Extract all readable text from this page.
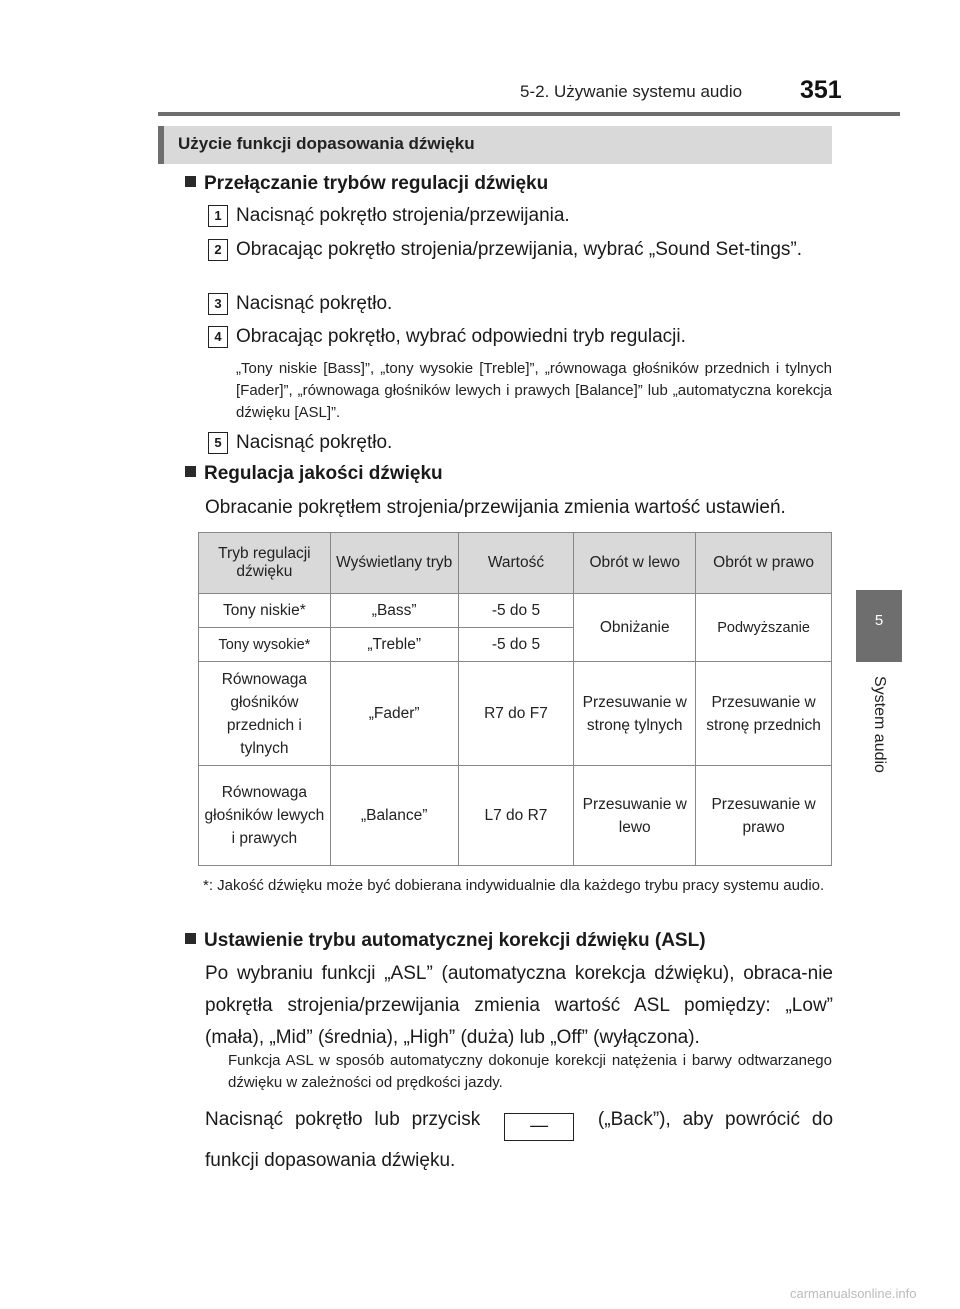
5-2. Używanie systemu audio 351
5
System audio
Użycie funkcji dopasowania dźwięku
Przełączanie trybów regulacji dźwięku
1 Nacisnąć pokrętło strojenia/przewijania.
2 Obracając pokrętło strojenia/przewijania, wybrać „Sound Set-tings”.
3 Nacisnąć pokrętło.
4 Obracając pokrętło, wybrać odpowiedni tryb regulacji.
„Tony niskie [Bass]”, „tony wysokie [Treble]”, „równowaga głośników przednich i tylnych [Fader]”, „równowaga głośników lewych i prawych [Balance]” lub „automatyczna korekcja dźwięku [ASL]”.
5 Nacisnąć pokrętło.
Regulacja jakości dźwięku
Obracanie pokrętłem strojenia/przewijania zmienia wartość ustawień.
Tryb regulacji dźwięku	Wyświetlany tryb	Wartość	Obrót w lewo	Obrót w prawo
Tony niskie*	„Bass”	-5 do 5	Obniżanie	Podwyższanie
Tony wysokie*	„Treble”	-5 do 5		
Równowaga głośników przednich i tylnych	„Fader”	R7 do F7	Przesuwanie w stronę tylnych	Przesuwanie w stronę przednich
Równowaga głośników lewych i prawych	„Balance”	L7 do R7	Przesuwanie w lewo	Przesuwanie w prawo
*: Jakość dźwięku może być dobierana indywidualnie dla każdego trybu pracy systemu audio.
Ustawienie trybu automatycznej korekcji dźwięku (ASL)
Po wybraniu funkcji „ASL” (automatyczna korekcja dźwięku), obraca-nie pokrętła strojenia/przewijania zmienia wartość ASL pomiędzy: „Low” (mała), „Mid” (średnia), „High” (duża) lub „Off” (wyłączona).
Funkcja ASL w sposób automatyczny dokonuje korekcji natężenia i barwy odtwarzanego dźwięku w zależności od prędkości jazdy.
Nacisnąć pokrętło lub przycisk	—	(„Back”), aby powrócić do funkcji dopasowania dźwięku.
carmanualsonline.info
